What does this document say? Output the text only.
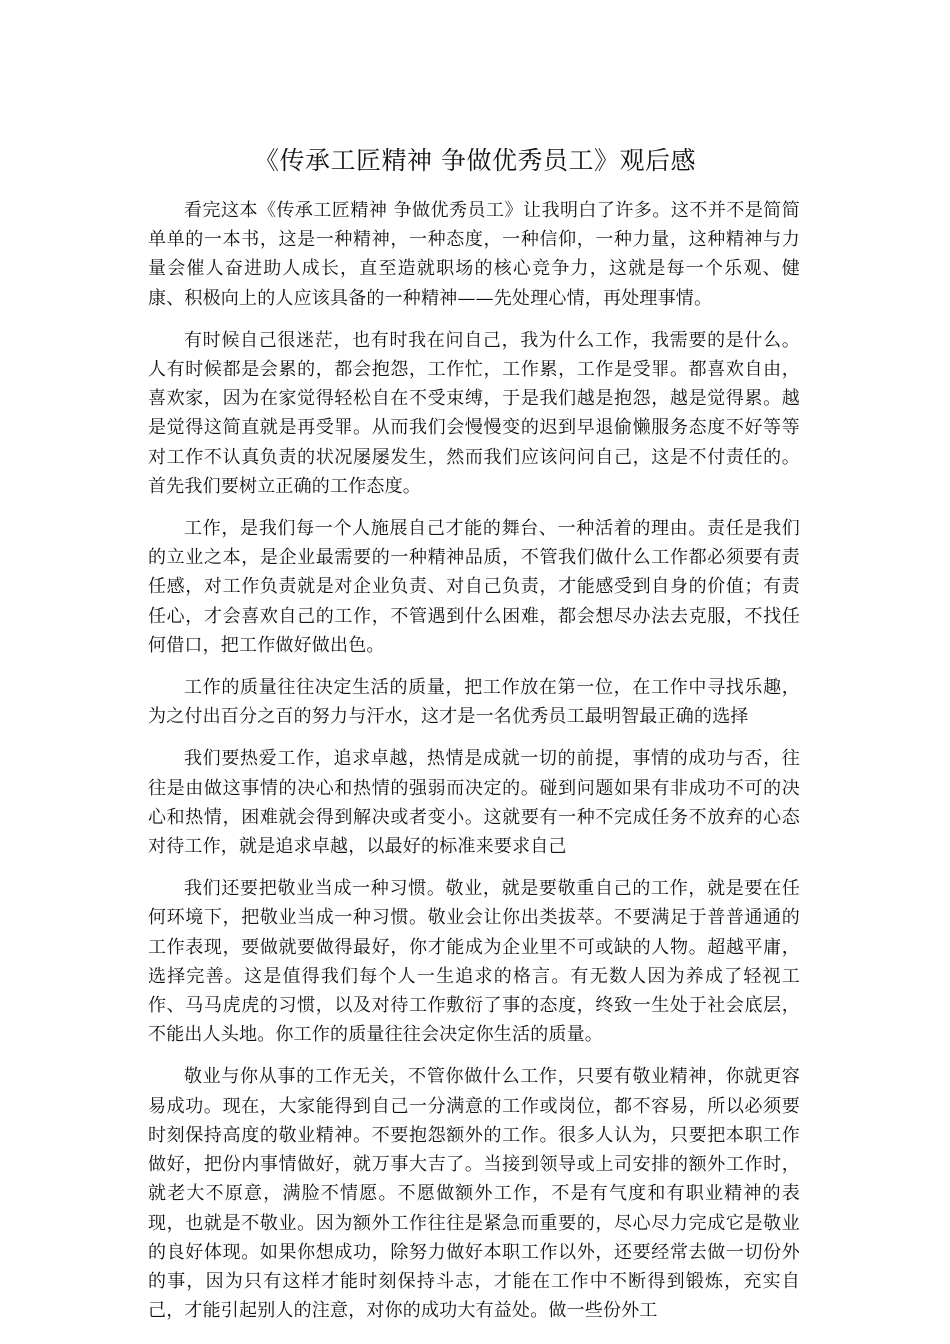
《传承工匠精神 争做优秀员工》观后感

看完这本《传承工匠精神 争做优秀员工》让我明白了许多。这不并不是简简单单的一本书，这是一种精神，一种态度，一种信仰，一种力量，这种精神与力量会催人奋进助人成长，直至造就职场的核心竞争力，这就是每一个乐观、健康、积极向上的人应该具备的一种精神——先处理心情，再处理事情。

有时候自己很迷茫，也有时我在问自己，我为什么工作，我需要的是什么。人有时候都是会累的，都会抱怨，工作忙，工作累，工作是受罪。都喜欢自由，喜欢家，因为在家觉得轻松自在不受束缚，于是我们越是抱怨，越是觉得累。越是觉得这简直就是再受罪。从而我们会慢慢变的迟到早退偷懒服务态度不好等等对工作不认真负责的状况屡屡发生，然而我们应该问问自己，这是不付责任的。首先我们要树立正确的工作态度。

工作，是我们每一个人施展自己才能的舞台、一种活着的理由。责任是我们的立业之本，是企业最需要的一种精神品质，不管我们做什么工作都必须要有责任感，对工作负责就是对企业负责、对自己负责，才能感受到自身的价值；有责任心，才会喜欢自己的工作，不管遇到什么困难，都会想尽办法去克服，不找任何借口，把工作做好做出色。

工作的质量往往决定生活的质量，把工作放在第一位，在工作中寻找乐趣，为之付出百分之百的努力与汗水，这才是一名优秀员工最明智最正确的选择

我们要热爱工作，追求卓越，热情是成就一切的前提，事情的成功与否，往往是由做这事情的决心和热情的强弱而决定的。碰到问题如果有非成功不可的决心和热情，困难就会得到解决或者变小。这就要有一种不完成任务不放弃的心态对待工作，就是追求卓越，以最好的标准来要求自己

我们还要把敬业当成一种习惯。敬业，就是要敬重自己的工作，就是要在任何环境下，把敬业当成一种习惯。敬业会让你出类拔萃。不要满足于普普通通的工作表现，要做就要做得最好，你才能成为企业里不可或缺的人物。超越平庸，选择完善。这是值得我们每个人一生追求的格言。有无数人因为养成了轻视工作、马马虎虎的习惯，以及对待工作敷衍了事的态度，终致一生处于社会底层，不能出人头地。你工作的质量往往会决定你生活的质量。

敬业与你从事的工作无关，不管你做什么工作，只要有敬业精神，你就更容易成功。现在，大家能得到自己一分满意的工作或岗位，都不容易，所以必须要时刻保持高度的敬业精神。不要抱怨额外的工作。很多人认为，只要把本职工作做好，把份内事情做好，就万事大吉了。当接到领导或上司安排的额外工作时，就老大不原意，满脸不情愿。不愿做额外工作，不是有气度和有职业精神的表现，也就是不敬业。因为额外工作往往是紧急而重要的，尽心尽力完成它是敬业的良好体现。如果你想成功，除努力做好本职工作以外，还要经常去做一切份外的事，因为只有这样才能时刻保持斗志，才能在工作中不断得到锻炼，充实自己，才能引起别人的注意，对你的成功大有益处。做一些份外工
